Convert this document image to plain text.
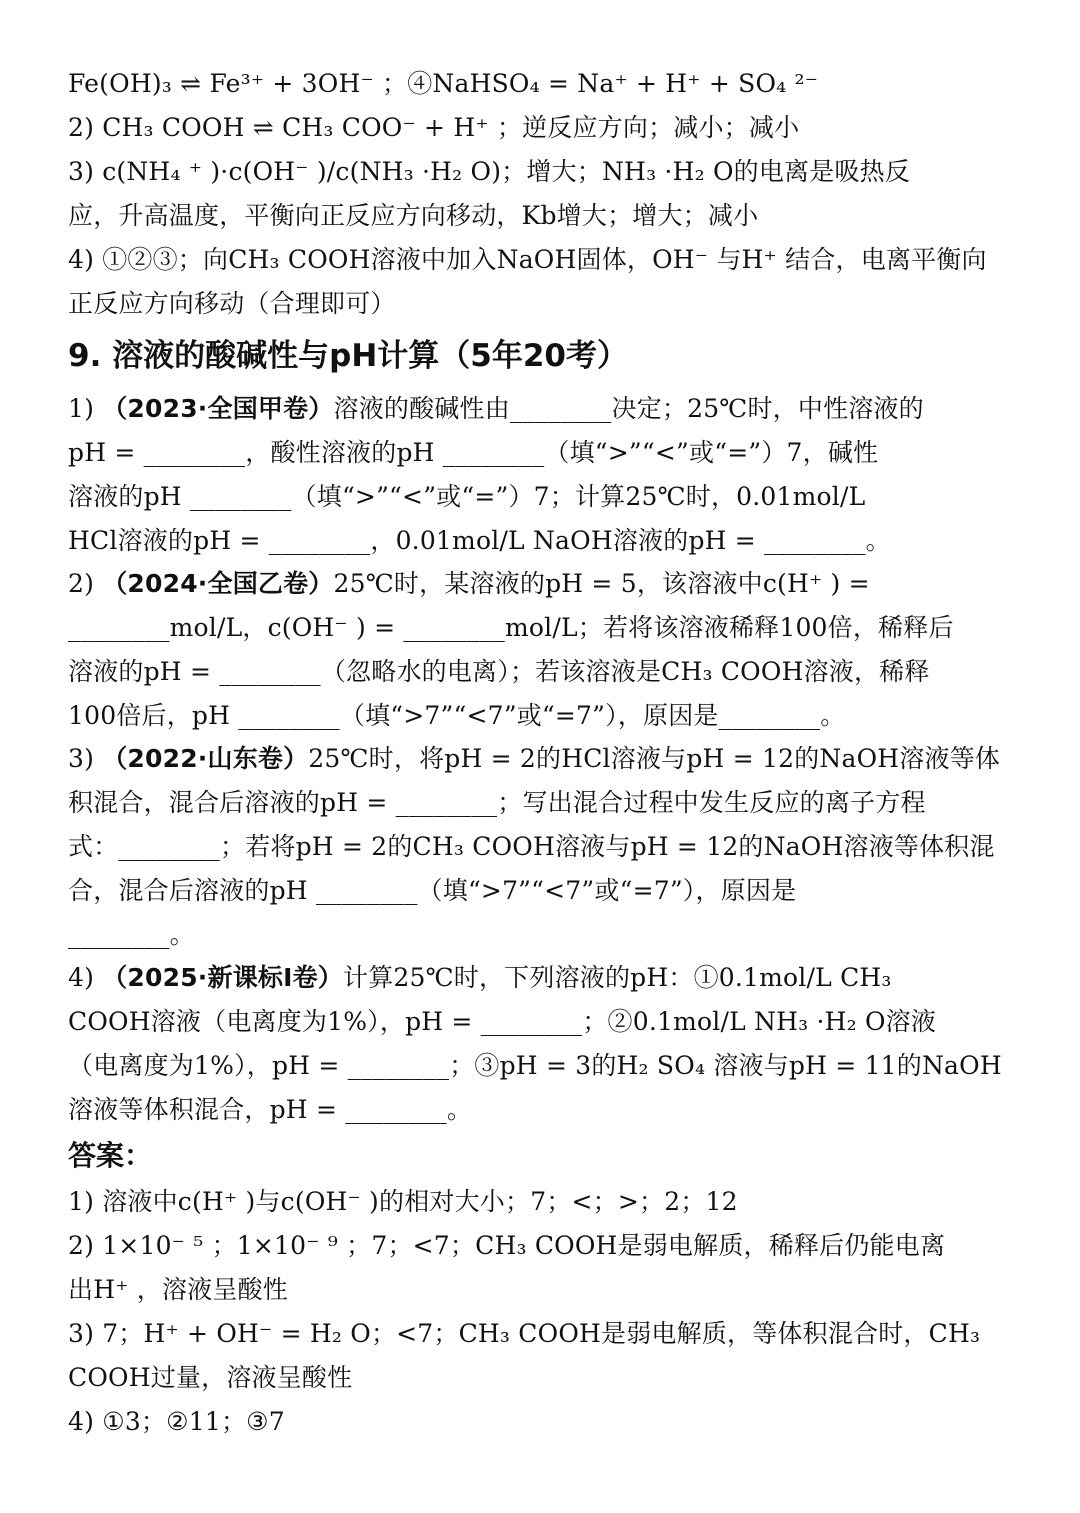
Fe(OH)₃ ⇌ Fe³⁺ + 3OH⁻ ；④NaHSO₄ = Na⁺ + H⁺ + SO₄ ²⁻
2) CH₃ COOH ⇌ CH₃ COO⁻ + H⁺ ；逆反应方向；减小；减小
3) c(NH₄ ⁺ )·c(OH⁻ )/c(NH₃ ·H₂ O)；增大；NH₃ ·H₂ O的电离是吸热反
应，升高温度，平衡向正反应方向移动，Kb增大；增大；减小
4) ①②③；向CH₃ COOH溶液中加入NaOH固体，OH⁻ 与H⁺ 结合，电离平衡向
正反应方向移动（合理即可）
9. 溶液的酸碱性与pH计算（5年20考）
1) （2023·全国甲卷）溶液的酸碱性由________决定；25℃时，中性溶液的
pH = ________，酸性溶液的pH ________（填“>”“<”或“=”）7，碱性
溶液的pH ________（填“>”“<”或“=”）7；计算25℃时，0.01mol/L
HCl溶液的pH = ________，0.01mol/L NaOH溶液的pH = ________。
2) （2024·全国乙卷）25℃时，某溶液的pH = 5，该溶液中c(H⁺ ) =
________mol/L，c(OH⁻ ) = ________mol/L；若将该溶液稀释100倍，稀释后
溶液的pH = ________（忽略水的电离）；若该溶液是CH₃ COOH溶液，稀释
100倍后，pH ________（填“>7”“<7”或“=7”），原因是________。
3) （2022·山东卷）25℃时，将pH = 2的HCl溶液与pH = 12的NaOH溶液等体
积混合，混合后溶液的pH = ________；写出混合过程中发生反应的离子方程
式：________；若将pH = 2的CH₃ COOH溶液与pH = 12的NaOH溶液等体积混
合，混合后溶液的pH ________（填“>7”“<7”或“=7”），原因是
________。
4) （2025·新课标Ⅰ卷）计算25℃时，下列溶液的pH：①0.1mol/L CH₃
COOH溶液（电离度为1%），pH = ________；②0.1mol/L NH₃ ·H₂ O溶液
（电离度为1%），pH = ________；③pH = 3的H₂ SO₄ 溶液与pH = 11的NaOH
溶液等体积混合，pH = ________。
答案：
1) 溶液中c(H⁺ )与c(OH⁻ )的相对大小；7；<；>；2；12
2) 1×10⁻ ⁵ ；1×10⁻ ⁹ ；7；<7；CH₃ COOH是弱电解质，稀释后仍能电离
出H⁺ ，溶液呈酸性
3) 7；H⁺ + OH⁻ = H₂ O；<7；CH₃ COOH是弱电解质，等体积混合时，CH₃
COOH过量，溶液呈酸性
4) ①3；②11；③7
